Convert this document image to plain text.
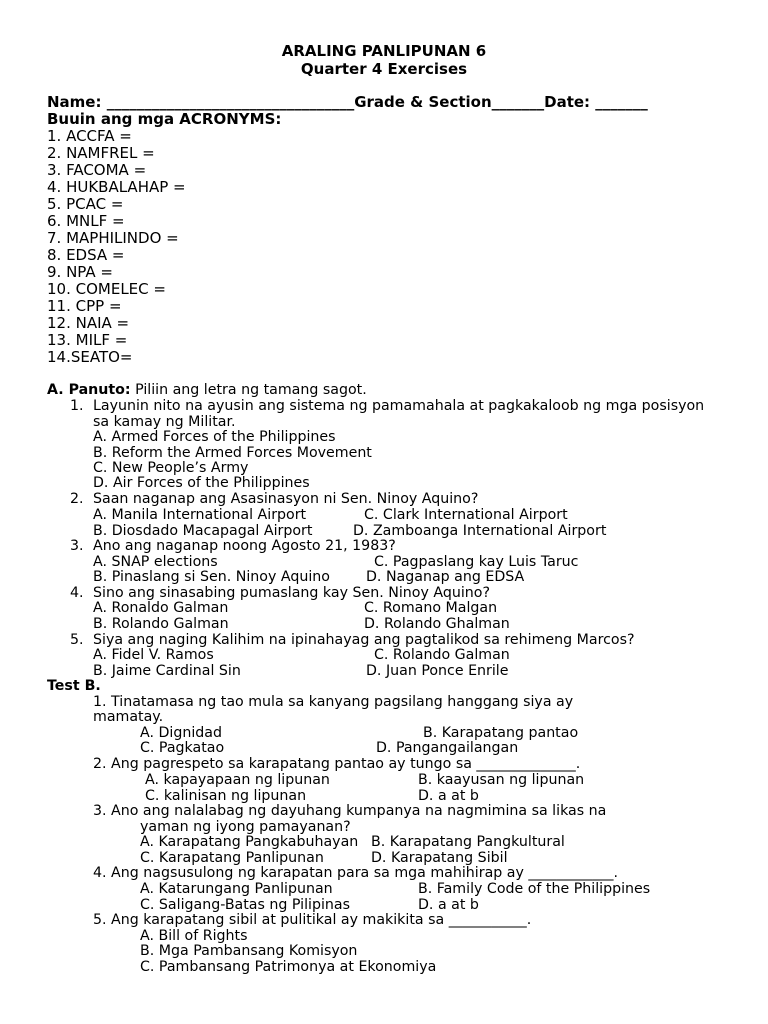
ARALING PANLIPUNAN 6
Quarter 4 Exercises
Name: _________________________________Grade & Section_______Date: _______
Buuin ang mga ACRONYMS:
1. ACCFA =
2. NAMFREL =
3. FACOMA =
4. HUKBALAHAP =
5. PCAC =
6. MNLF =
7. MAPHILINDO =
8. EDSA =
9. NPA =
10. COMELEC =
11. CPP =
12. NAIA =
13. MILF =
14.SEATO=
A. Panuto: Piliin ang letra ng tamang sagot.
1. Layunin nito na ayusin ang sistema ng pamamahala at pagkakaloob ng mga posisyon
sa kamay ng Militar.
A. Armed Forces of the Philippines
B. Reform the Armed Forces Movement
C. New People’s Army
D. Air Forces of the Philippines
2. Saan naganap ang Asasinasyon ni Sen. Ninoy Aquino?
A. Manila International Airport	C. Clark International Airport
B. Diosdado Macapagal Airport	D. Zamboanga International Airport
3. Ano ang naganap noong Agosto 21, 1983?
A. SNAP elections	C. Pagpaslang kay Luis Taruc
B. Pinaslang si Sen. Ninoy Aquino	D. Naganap ang EDSA
4. Sino ang sinasabing pumaslang kay Sen. Ninoy Aquino?
A. Ronaldo Galman	C. Romano Malgan
B. Rolando Galman	D. Rolando Ghalman
5. Siya ang naging Kalihim na ipinahayag ang pagtalikod sa rehimeng Marcos?
A. Fidel V. Ramos	C. Rolando Galman
B. Jaime Cardinal Sin	D. Juan Ponce Enrile
Test B.
1. Tinatamasa ng tao mula sa kanyang pagsilang hanggang siya ay
mamatay.
A. Dignidad	B. Karapatang pantao
C. Pagkatao	D. Pangangailangan
2. Ang pagrespeto sa karapatang pantao ay tungo sa ______________.
A. kapayapaan ng lipunan	B. kaayusan ng lipunan
C. kalinisan ng lipunan	D. a at b
3. Ano ang nalalabag ng dayuhang kumpanya na nagmimina sa likas na
yaman ng iyong pamayanan?
A. Karapatang Pangkabuhayan B. Karapatang Pangkultural
C. Karapatang Panlipunan	D. Karapatang Sibil
4. Ang nagsusulong ng karapatan para sa mga mahihirap ay ____________.
A. Katarungang Panlipunan	B. Family Code of the Philippines
C. Saligang-Batas ng Pilipinas	D. a at b
5. Ang karapatang sibil at pulitikal ay makikita sa ___________.
A. Bill of Rights
B. Mga Pambansang Komisyon
C. Pambansang Patrimonya at Ekonomiya
